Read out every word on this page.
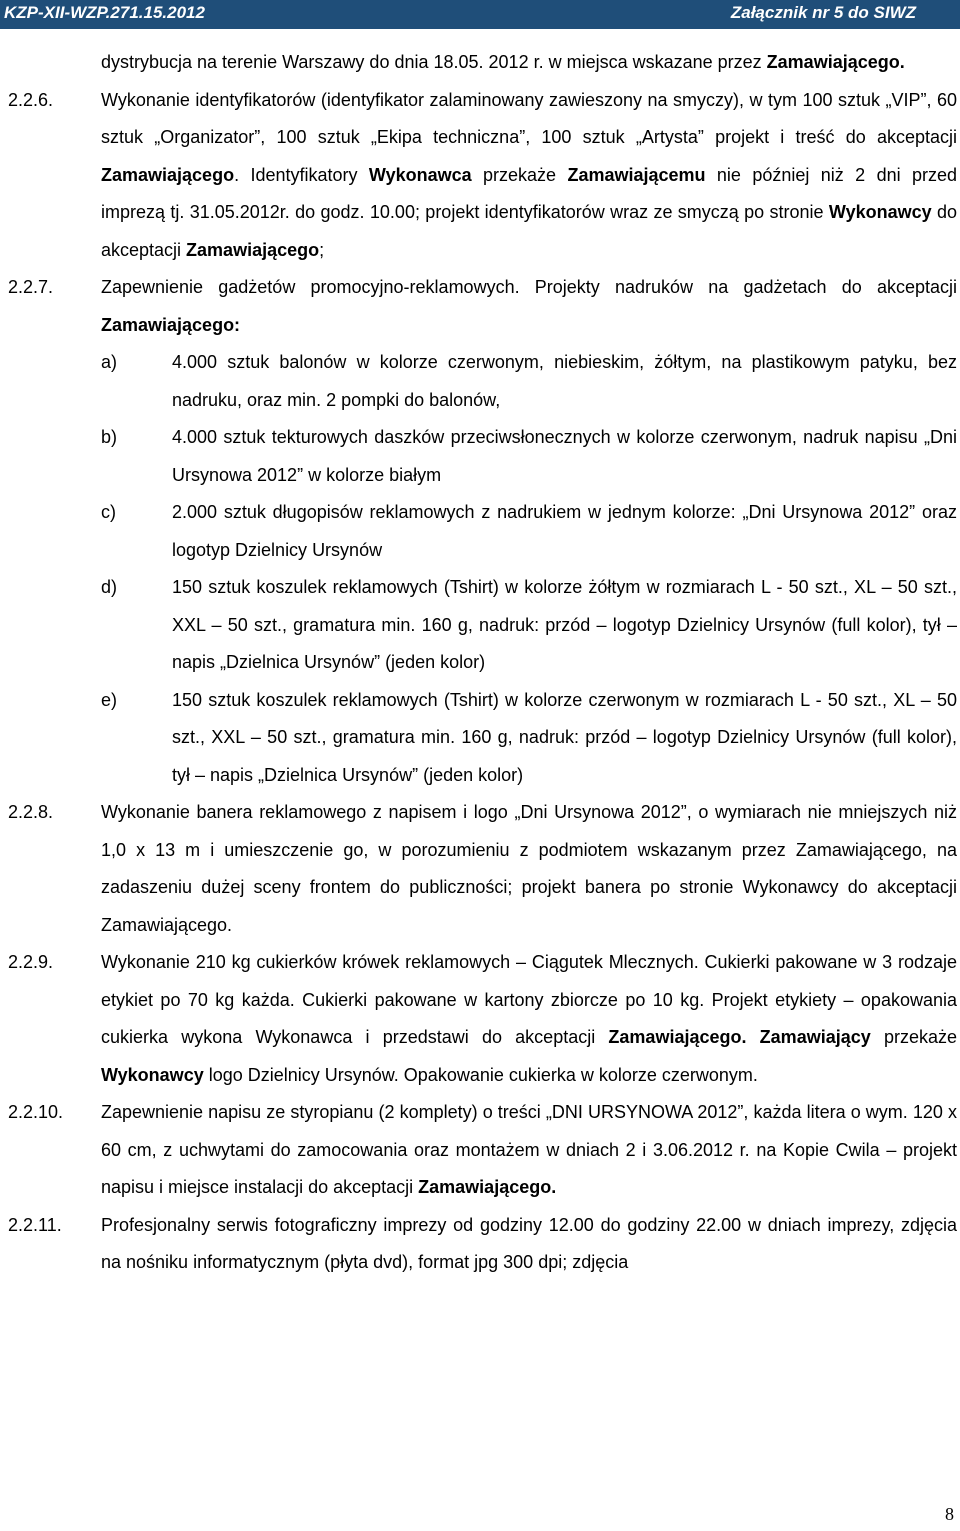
KZP-XII-WZP.271.15.2012	Załącznik nr 5 do SIWZ
dystrybucja na terenie Warszawy do dnia 18.05. 2012 r. w miejsca wskazane przez Zamawiającego.
2.2.6.	Wykonanie identyfikatorów (identyfikator zalaminowany zawieszony na smyczy), w tym 100 sztuk „VIP”, 60 sztuk „Organizator”, 100 sztuk „Ekipa techniczna”, 100 sztuk „Artysta” projekt i treść do akceptacji Zamawiającego. Identyfikatory Wykonawca przekaże Zamawiającemu nie później niż 2 dni przed imprezą tj. 31.05.2012r. do godz. 10.00; projekt identyfikatorów wraz ze smyczą po stronie Wykonawcy do akceptacji Zamawiającego;
2.2.7.	Zapewnienie gadżetów promocyjno-reklamowych. Projekty nadruków na gadżetach do akceptacji Zamawiającego:
a)	4.000 sztuk balonów w kolorze czerwonym, niebieskim, żółtym, na plastikowym patyku, bez nadruku, oraz min. 2 pompki do balonów,
b)	4.000 sztuk tekturowych daszków przeciwsłonecznych w kolorze czerwonym, nadruk napisu „Dni Ursynowa 2012” w kolorze białym
c)	2.000 sztuk długopisów reklamowych z nadrukiem w jednym kolorze: „Dni Ursynowa 2012” oraz logotyp Dzielnicy Ursynów
d)	150 sztuk koszulek reklamowych (Tshirt) w kolorze żółtym w rozmiarach L - 50 szt., XL – 50 szt., XXL – 50 szt., gramatura min. 160 g, nadruk: przód – logotyp Dzielnicy Ursynów (full kolor), tył – napis „Dzielnica Ursynów” (jeden kolor)
e)	150 sztuk koszulek reklamowych (Tshirt) w kolorze czerwonym w rozmiarach L - 50 szt., XL – 50 szt., XXL – 50 szt., gramatura min. 160 g, nadruk: przód – logotyp Dzielnicy Ursynów (full kolor), tył – napis „Dzielnica Ursynów” (jeden kolor)
2.2.8.	Wykonanie banera reklamowego z napisem i logo „Dni Ursynowa 2012”, o wymiarach nie mniejszych niż 1,0 x 13 m i umieszczenie go, w porozumieniu z podmiotem wskazanym przez Zamawiającego, na zadaszeniu dużej sceny frontem do publiczności; projekt banera po stronie Wykonawcy do akceptacji Zamawiającego.
2.2.9.	Wykonanie 210 kg cukierków krówek reklamowych – Ciągutek Mlecznych. Cukierki pakowane w 3 rodzaje etykiet po 70 kg każda. Cukierki pakowane w kartony zbiorcze po 10 kg. Projekt etykiety – opakowania cukierka wykona Wykonawca i przedstawi do akceptacji Zamawiającego. Zamawiający przekaże Wykonawcy logo Dzielnicy Ursynów. Opakowanie cukierka w kolorze czerwonym.
2.2.10. Zapewnienie napisu ze styropianu (2 komplety) o treści „DNI URSYNOWA 2012”, każda litera o wym. 120 x 60 cm, z uchwytami do zamocowania oraz montażem w dniach 2 i 3.06.2012 r. na Kopie Cwila – projekt napisu i miejsce instalacji do akceptacji Zamawiającego.
2.2.11. Profesjonalny serwis fotograficzny imprezy od godziny 12.00 do godziny 22.00 w dniach imprezy, zdjęcia na nośniku informatycznym (płyta dvd), format jpg 300 dpi; zdjęcia
8
